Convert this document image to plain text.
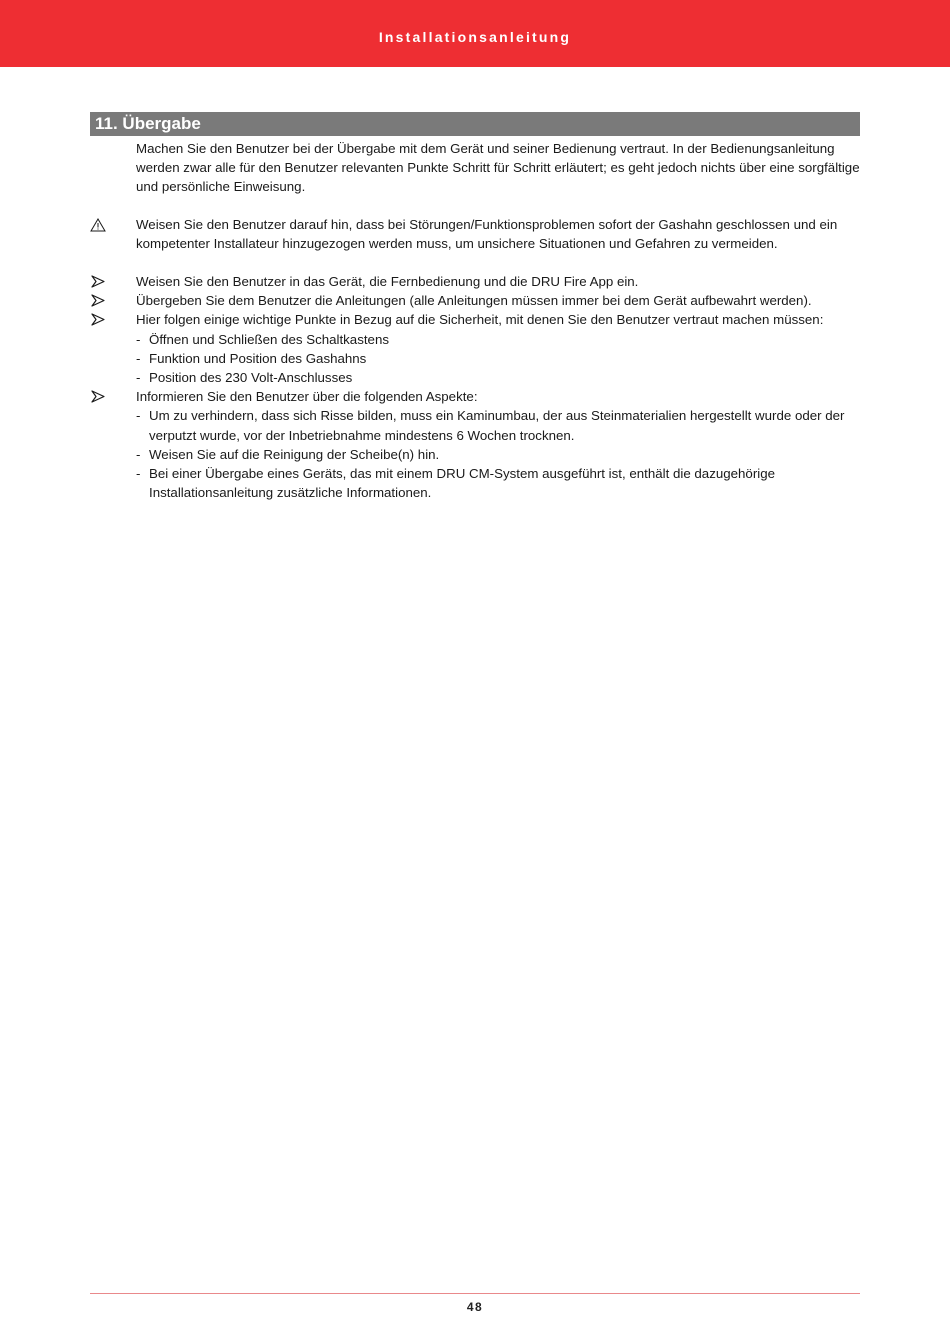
Installationsanleitung
11. Übergabe

Machen Sie den Benutzer bei der Übergabe mit dem Gerät und seiner Bedienung vertraut. In der Bedienungsanleitung werden zwar alle für den Benutzer relevanten Punkte Schritt für Schritt erläutert; es geht jedoch nichts über eine sorgfältige und persönliche Einweisung.

Weisen Sie den Benutzer darauf hin, dass bei Störungen/Funktionsproblemen sofort der Gashahn geschlossen und ein kompetenter Installateur hinzugezogen werden muss, um unsichere Situationen und Gefahren zu vermeiden.

Weisen Sie den Benutzer in das Gerät, die Fernbedienung und die DRU Fire App ein.
Übergeben Sie dem Benutzer die Anleitungen (alle Anleitungen müssen immer bei dem Gerät aufbewahrt werden).
Hier folgen einige wichtige Punkte in Bezug auf die Sicherheit, mit denen Sie den Benutzer vertraut machen müssen:
- Öffnen und Schließen des Schaltkastens
- Funktion und Position des Gashahns
- Position des 230 Volt-Anschlusses
Informieren Sie den Benutzer über die folgenden Aspekte:
- Um zu verhindern, dass sich Risse bilden, muss ein Kaminumbau, der aus Steinmaterialien hergestellt wurde oder der verputzt wurde, vor der Inbetriebnahme mindestens 6 Wochen trocknen.
- Weisen Sie auf die Reinigung der Scheibe(n) hin.
- Bei einer Übergabe eines Geräts, das mit einem DRU CM-System ausgeführt ist, enthält die dazugehörige Installationsanleitung zusätzliche Informationen.
48
